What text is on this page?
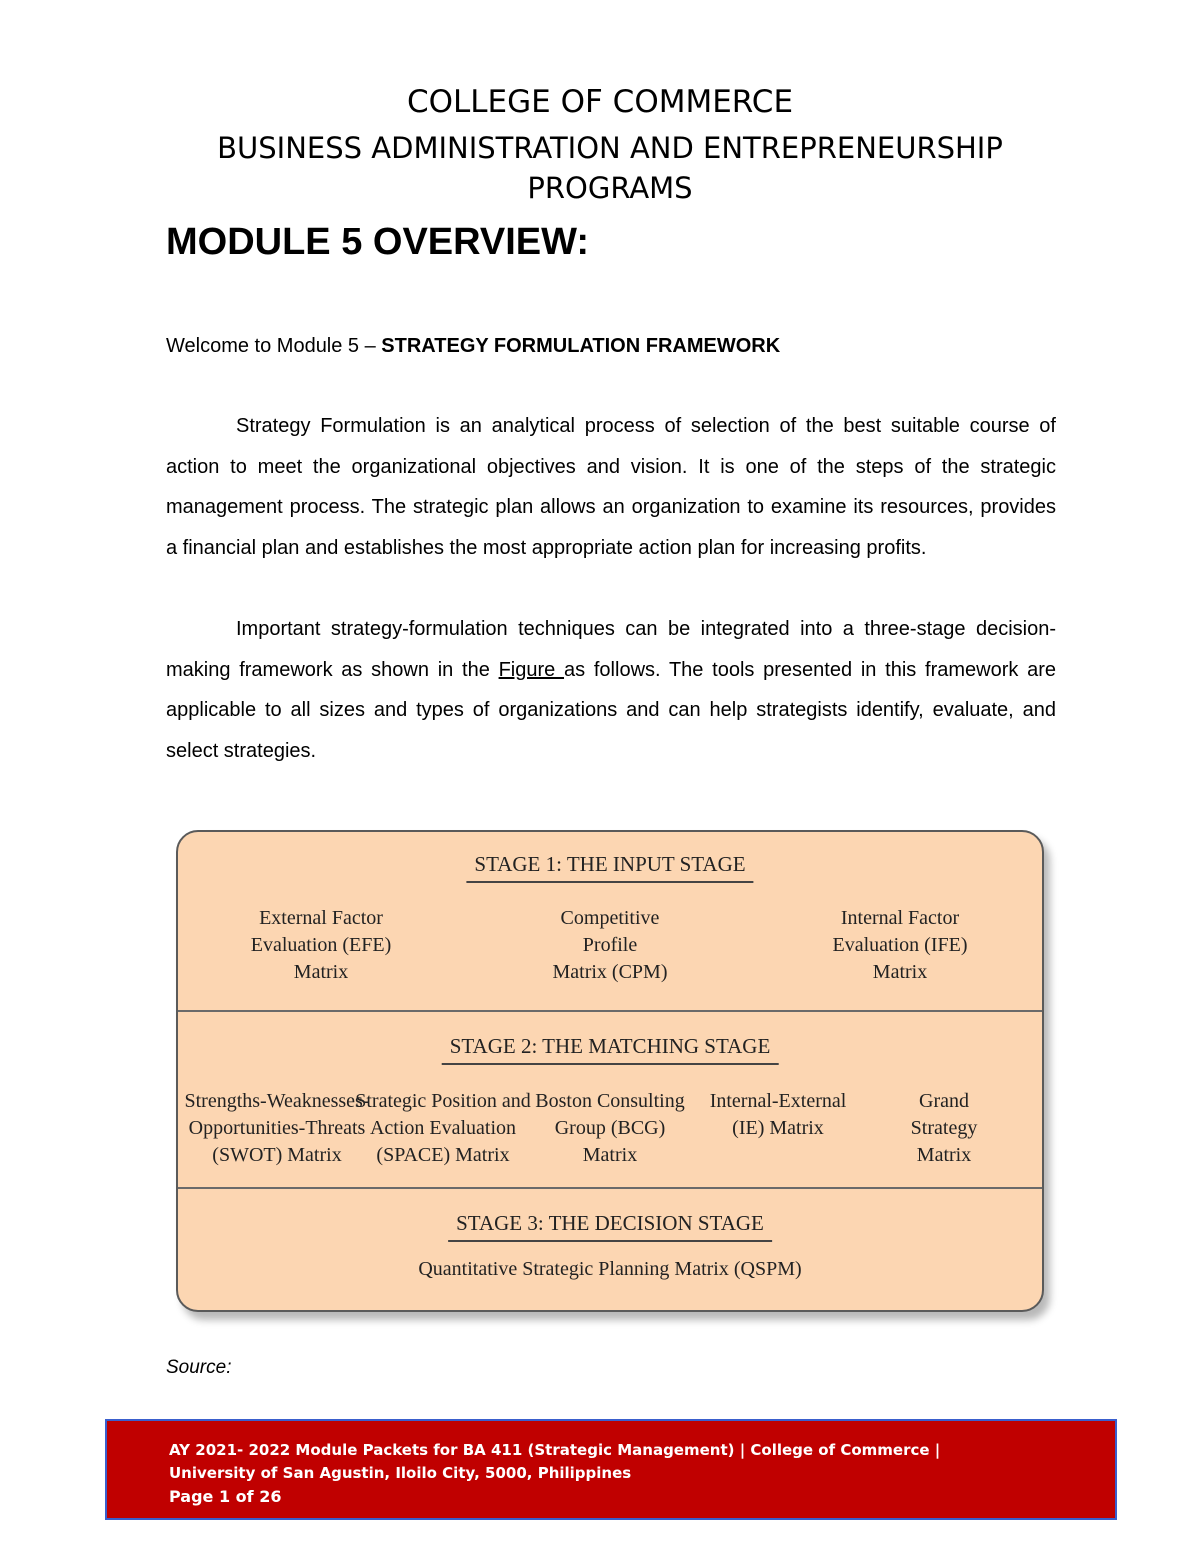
COLLEGE OF COMMERCE
BUSINESS ADMINISTRATION AND ENTREPRENEURSHIP PROGRAMS
MODULE 5 OVERVIEW:
Welcome to Module 5 – STRATEGY FORMULATION FRAMEWORK

Strategy Formulation is an analytical process of selection of the best suitable course of action to meet the organizational objectives and vision. It is one of the steps of the strategic management process. The strategic plan allows an organization to examine its resources, provides a financial plan and establishes the most appropriate action plan for increasing profits.

Important strategy-formulation techniques can be integrated into a three-stage decision-making framework as shown in the Figure as follows. The tools presented in this framework are applicable to all sizes and types of organizations and can help strategists identify, evaluate, and select strategies.

STAGE 1: THE INPUT STAGE
External Factor
Evaluation (EFE)
Matrix
Competitive
Profile
Matrix (CPM)
Internal Factor
Evaluation (IFE)
Matrix
STAGE 2: THE MATCHING STAGE
Strengths-Weaknesses-
Opportunities-Threats
(SWOT) Matrix
Strategic Position and
Action Evaluation
(SPACE) Matrix
Boston Consulting
Group (BCG)
Matrix
Internal-External
(IE) Matrix
Grand Strategy
Matrix
STAGE 3: THE DECISION STAGE
Quantitative Strategic Planning Matrix (QSPM)
Source:
AY 2021- 2022 Module Packets for BA 411 (Strategic Management) | College of Commerce |
University of San Agustin, Iloilo City, 5000, Philippines
Page 1 of 26
